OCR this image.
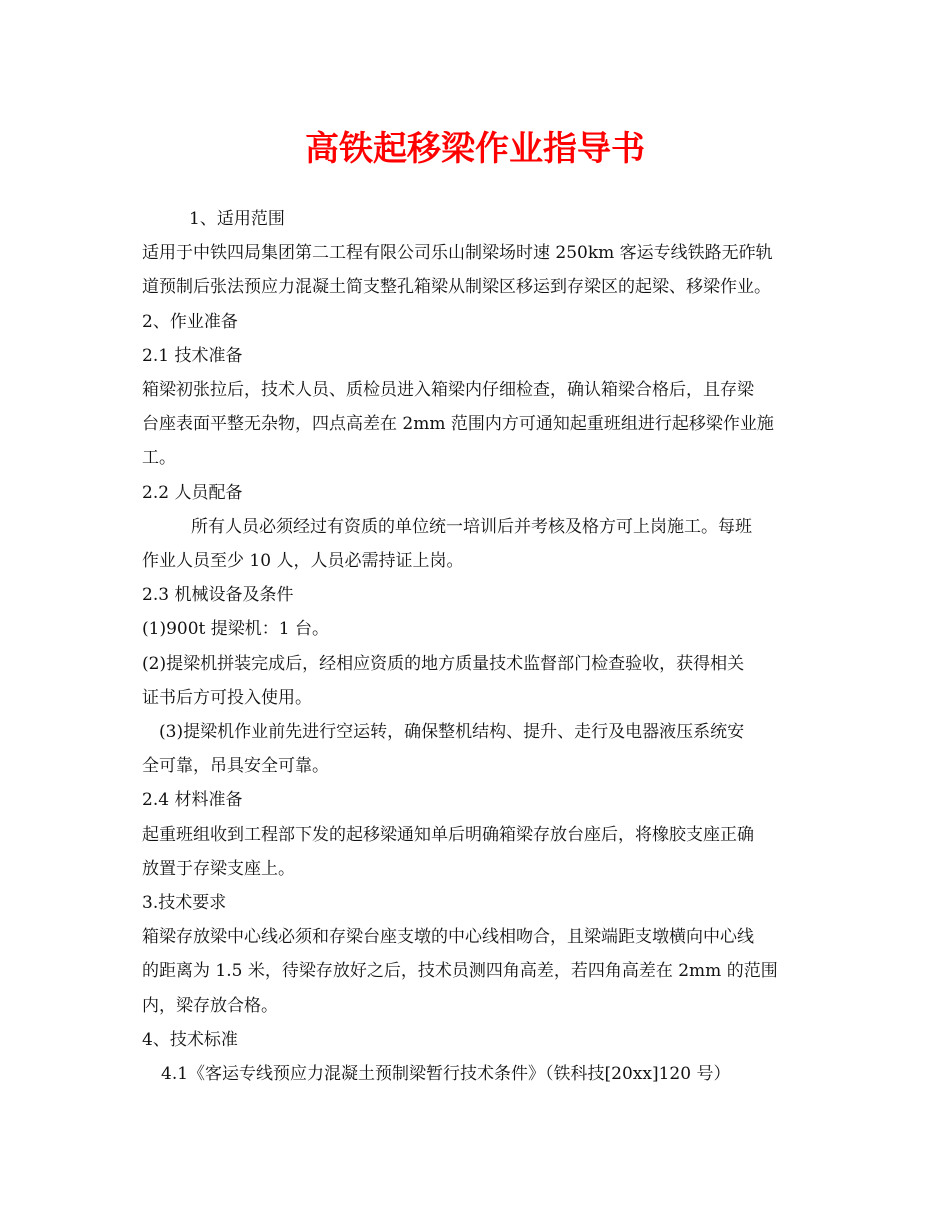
高铁起移梁作业指导书

1、适用范围

适用于中铁四局集团第二工程有限公司乐山制梁场时速 250km 客运专线铁路无砟轨

道预制后张法预应力混凝土简支整孔箱梁从制梁区移运到存梁区的起梁、移梁作业。

2、作业准备

2.1 技术准备

箱梁初张拉后，技术人员、质检员进入箱梁内仔细检查，确认箱梁合格后，且存梁

台座表面平整无杂物，四点高差在 2mm 范围内方可通知起重班组进行起移梁作业施

工。

2.2 人员配备

所有人员必须经过有资质的单位统一培训后并考核及格方可上岗施工。每班

作业人员至少 10 人，人员必需持证上岗。

2.3 机械设备及条件

(1)900t 提梁机：1 台。

(2)提梁机拼装完成后，经相应资质的地方质量技术监督部门检查验收，获得相关

证书后方可投入使用。

(3)提梁机作业前先进行空运转，确保整机结构、提升、走行及电器液压系统安

全可靠，吊具安全可靠。

2.4 材料准备

起重班组收到工程部下发的起移梁通知单后明确箱梁存放台座后，将橡胶支座正确

放置于存梁支座上。

3.技术要求

箱梁存放梁中心线必须和存梁台座支墩的中心线相吻合，且梁端距支墩横向中心线

的距离为 1.5 米，待梁存放好之后，技术员测四角高差，若四角高差在 2mm 的范围

内，梁存放合格。

4、技术标准

4.1《客运专线预应力混凝土预制梁暂行技术条件》（铁科技[20xx]120 号）
